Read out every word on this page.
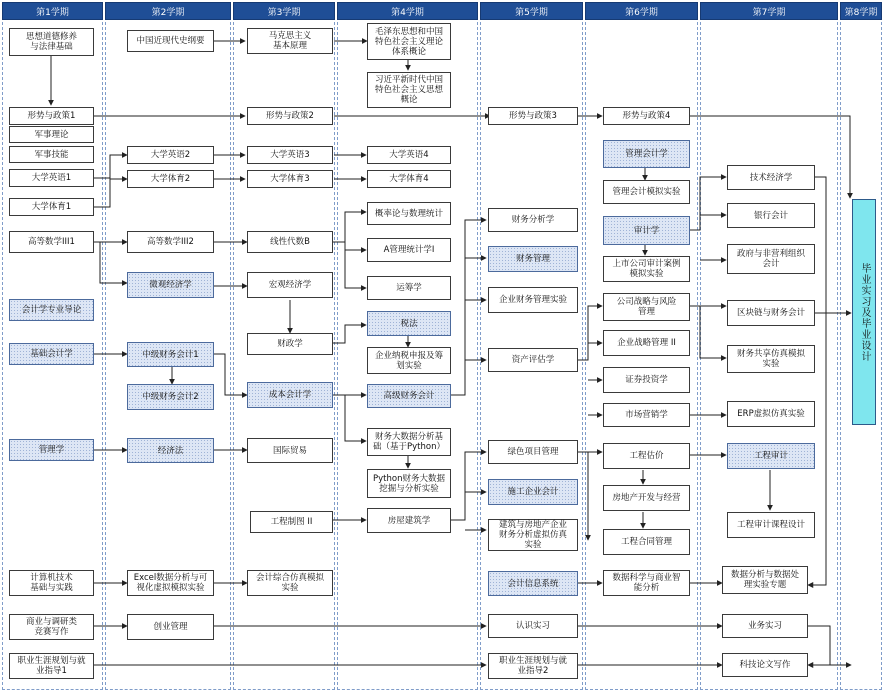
第1学期	第2学期	第3学期	第4学期	第5学期	第6学期	第7学期	第8学期
思想道德修养
与法律基础
形势与政策1
军事理论
军事技能
大学英语1
大学体育1
高等数学III1
会计学专业导论
基础会计学
管理学
计算机技术
基础与实践
商业与调研类
竞赛写作
职业生涯规划与就
业指导1
中国近现代史纲要
大学英语2
大学体育2
高等数学III2
微观经济学
中级财务会计1
中级财务会计2
经济法
Excel数据分析与可
视化虚拟模拟实验
创业管理
马克思主义
基本原理
形势与政策2
大学英语3
大学体育3
线性代数B
宏观经济学
财政学
成本会计学
国际贸易
工程制图 II
会计综合仿真模拟
实验
毛泽东思想和中国
特色社会主义理论
体系概论
习近平新时代中国
特色社会主义思想
概论
大学英语4
大学体育4
概率论与数理统计
A管理统计学I
运筹学
税法
企业纳税申报及筹
划实验
高级财务会计
财务大数据分析基
础（基于Python）
Python财务大数据
挖掘与分析实验
房屋建筑学
形势与政策3
财务分析学
财务管理
企业财务管理实验
资产评估学
绿色项目管理
施工企业会计
建筑与房地产企业
财务分析虚拟仿真
实验
会计信息系统
认识实习
职业生涯规划与就
业指导2
形势与政策4
管理会计学
管理会计模拟实验
审计学
上市公司审计案例
模拟实验
公司战略与风险
管理
企业战略管理 II
证券投资学
市场营销学
工程估价
房地产开发与经营
工程合同管理
数据科学与商业智
能分析
技术经济学
银行会计
政府与非营利组织
会计
区块链与财务会计
财务共享仿真模拟
实验
ERP虚拟仿真实验
工程审计
工程审计课程设计
数据分析与数据处
理实验专题
业务实习
科技论文写作
毕业实习及毕业设计
